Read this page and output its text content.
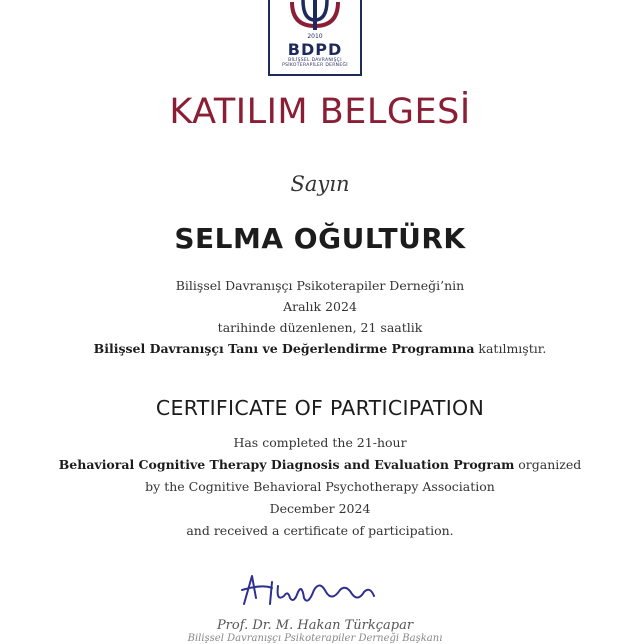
2010
BDPD
BİLİŞSEL DAVRANIŞÇI
PSİKOTERAPİLER DERNEĞİ
KATILIM BELGESİ
Sayın
SELMA OĞULTÜRK
Bilişsel Davranışçı Psikoterapiler Derneği’nin
Aralık 2024
tarihinde düzenlenen, 21 saatlik
Bilişsel Davranışçı Tanı ve Değerlendirme Programına katılmıştır.
CERTIFICATE OF PARTICIPATION
Has completed the 21-hour
Behavioral Cognitive Therapy Diagnosis and Evaluation Program organized
by the Cognitive Behavioral Psychotherapy Association
December 2024
and received a certificate of participation.
Prof. Dr. M. Hakan Türkçapar
Bilişsel Davranışçı Psikoterapiler Derneği Başkanı
